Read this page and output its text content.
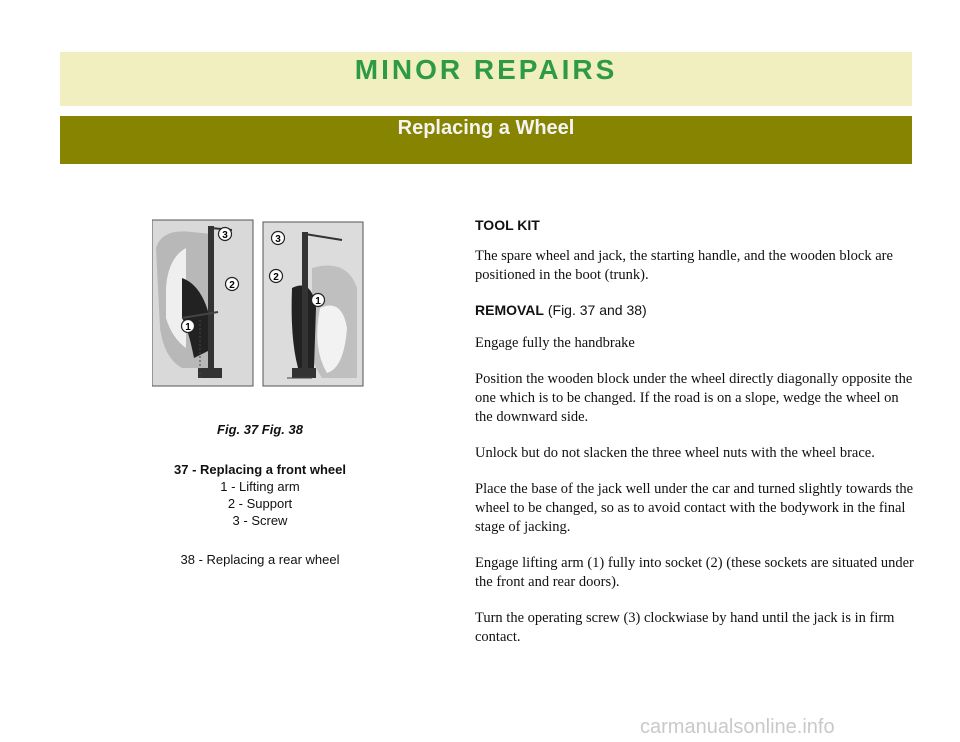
MINOR REPAIRS
Replacing a Wheel
3
2
1
3
2
1
Fig. 37 Fig. 38
37 - Replacing a front wheel
1 - Lifting arm
2 - Support
3 - Screw
38 - Replacing a rear wheel
TOOL KIT

The spare wheel and jack, the starting handle, and the wooden block are positioned in the boot (trunk).

REMOVAL (Fig. 37 and 38)

Engage fully the handbrake

Position the wooden block under the wheel directly diagonally opposite the one which is to be changed. If the road is on a slope, wedge the wheel on the downward side.

Unlock but do not slacken the three wheel nuts with the wheel brace.

Place the base of the jack well under the car and turned slightly towards the wheel to be changed, so as to avoid contact with the bodywork in the final stage of jacking.

Engage lifting arm (1) fully into socket (2) (these sockets are situated under the front and rear doors).

Turn the operating screw (3) clockwiase by hand until the jack is in firm contact.

carmanualsonline.info
